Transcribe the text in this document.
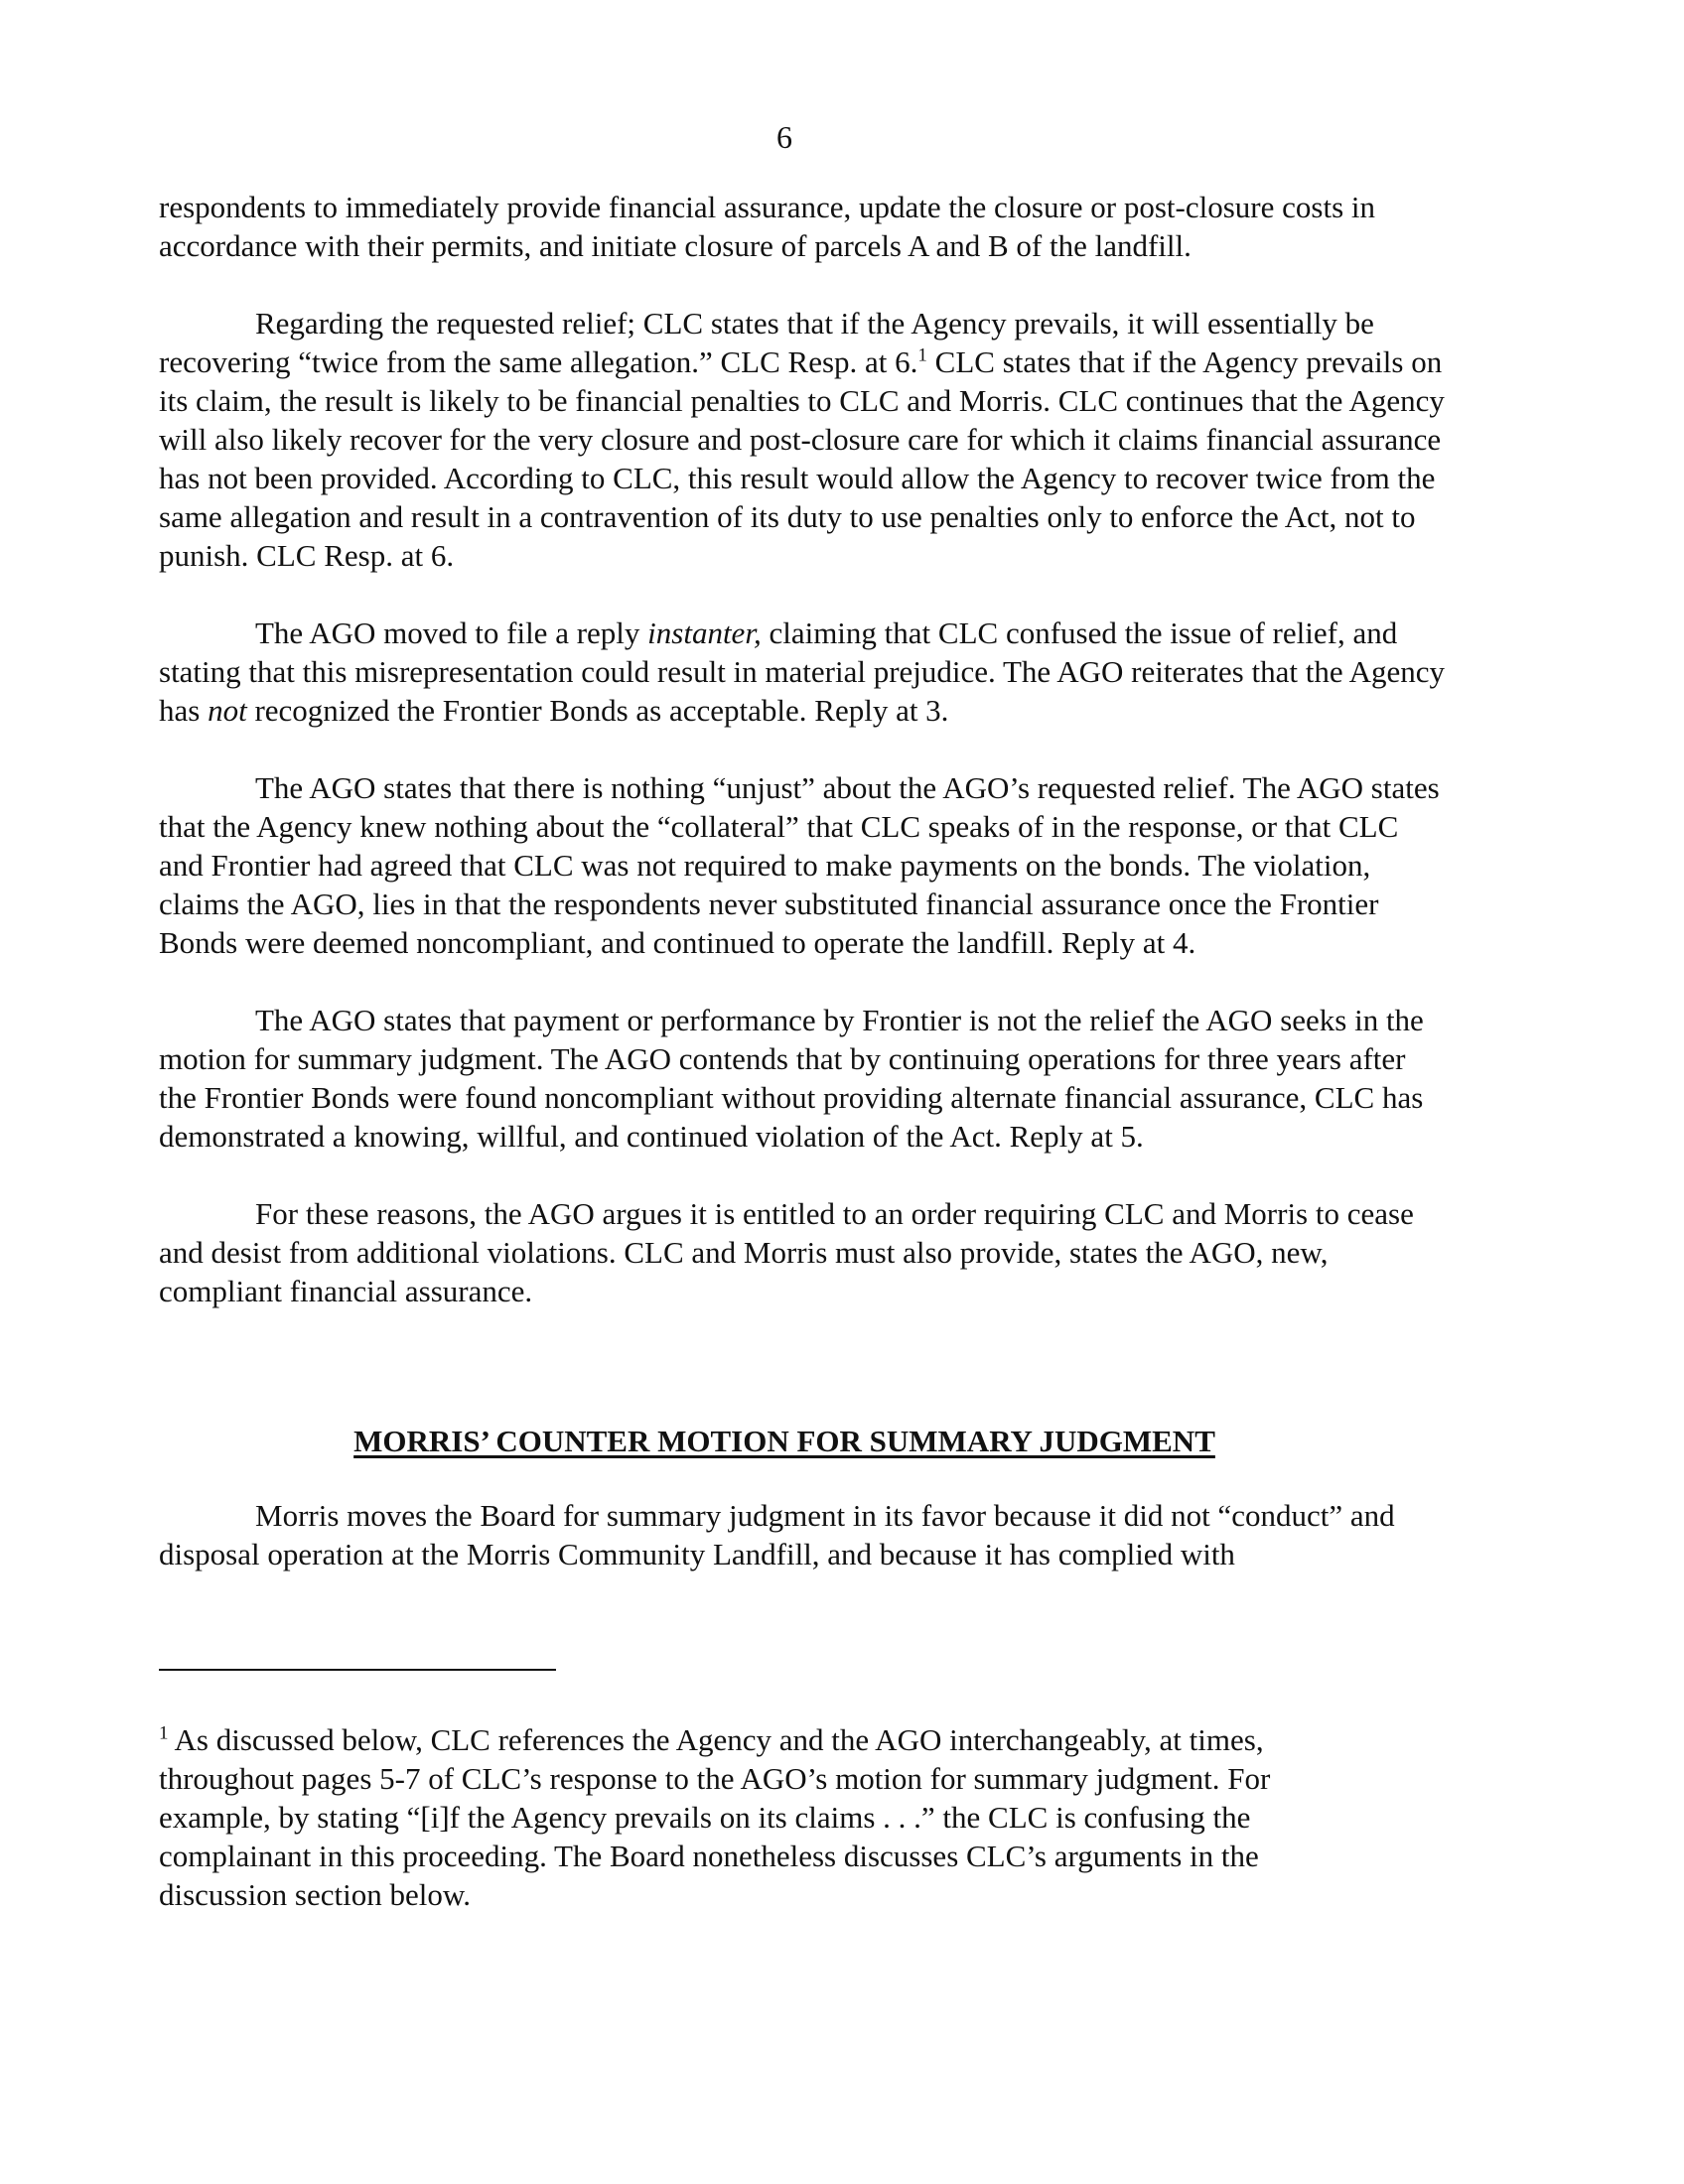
6

respondents to immediately provide financial assurance, update the closure or post-closure costs in accordance with their permits, and initiate closure of parcels A and B of the landfill.

Regarding the requested relief; CLC states that if the Agency prevails, it will essentially be recovering “twice from the same allegation.” CLC Resp. at 6.$^1$ CLC states that if the Agency prevails on its claim, the result is likely to be financial penalties to CLC and Morris. CLC continues that the Agency will also likely recover for the very closure and post-closure care for which it claims financial assurance has not been provided. According to CLC, this result would allow the Agency to recover twice from the same allegation and result in a contravention of its duty to use penalties only to enforce the Act, not to punish. CLC Resp. at 6.

The AGO moved to file a reply instanter, claiming that CLC confused the issue of relief, and stating that this misrepresentation could result in material prejudice. The AGO reiterates that the Agency has not recognized the Frontier Bonds as acceptable. Reply at 3.

The AGO states that there is nothing “unjust” about the AGO’s requested relief. The AGO states that the Agency knew nothing about the “collateral” that CLC speaks of in the response, or that CLC and Frontier had agreed that CLC was not required to make payments on the bonds. The violation, claims the AGO, lies in that the respondents never substituted financial assurance once the Frontier Bonds were deemed noncompliant, and continued to operate the landfill. Reply at 4.

The AGO states that payment or performance by Frontier is not the relief the AGO seeks in the motion for summary judgment. The AGO contends that by continuing operations for three years after the Frontier Bonds were found noncompliant without providing alternate financial assurance, CLC has demonstrated a knowing, willful, and continued violation of the Act. Reply at 5.

For these reasons, the AGO argues it is entitled to an order requiring CLC and Morris to cease and desist from additional violations. CLC and Morris must also provide, states the AGO, new, compliant financial assurance.

MORRIS’ COUNTER MOTION FOR SUMMARY JUDGMENT

Morris moves the Board for summary judgment in its favor because it did not “conduct” and disposal operation at the Morris Community Landfill, and because it has complied with

$^1$ As discussed below, CLC references the Agency and the AGO interchangeably, at times, throughout pages 5-7 of CLC’s response to the AGO’s motion for summary judgment. For example, by stating “[i]f the Agency prevails on its claims . . .” the CLC is confusing the complainant in this proceeding. The Board nonetheless discusses CLC’s arguments in the discussion section below.
